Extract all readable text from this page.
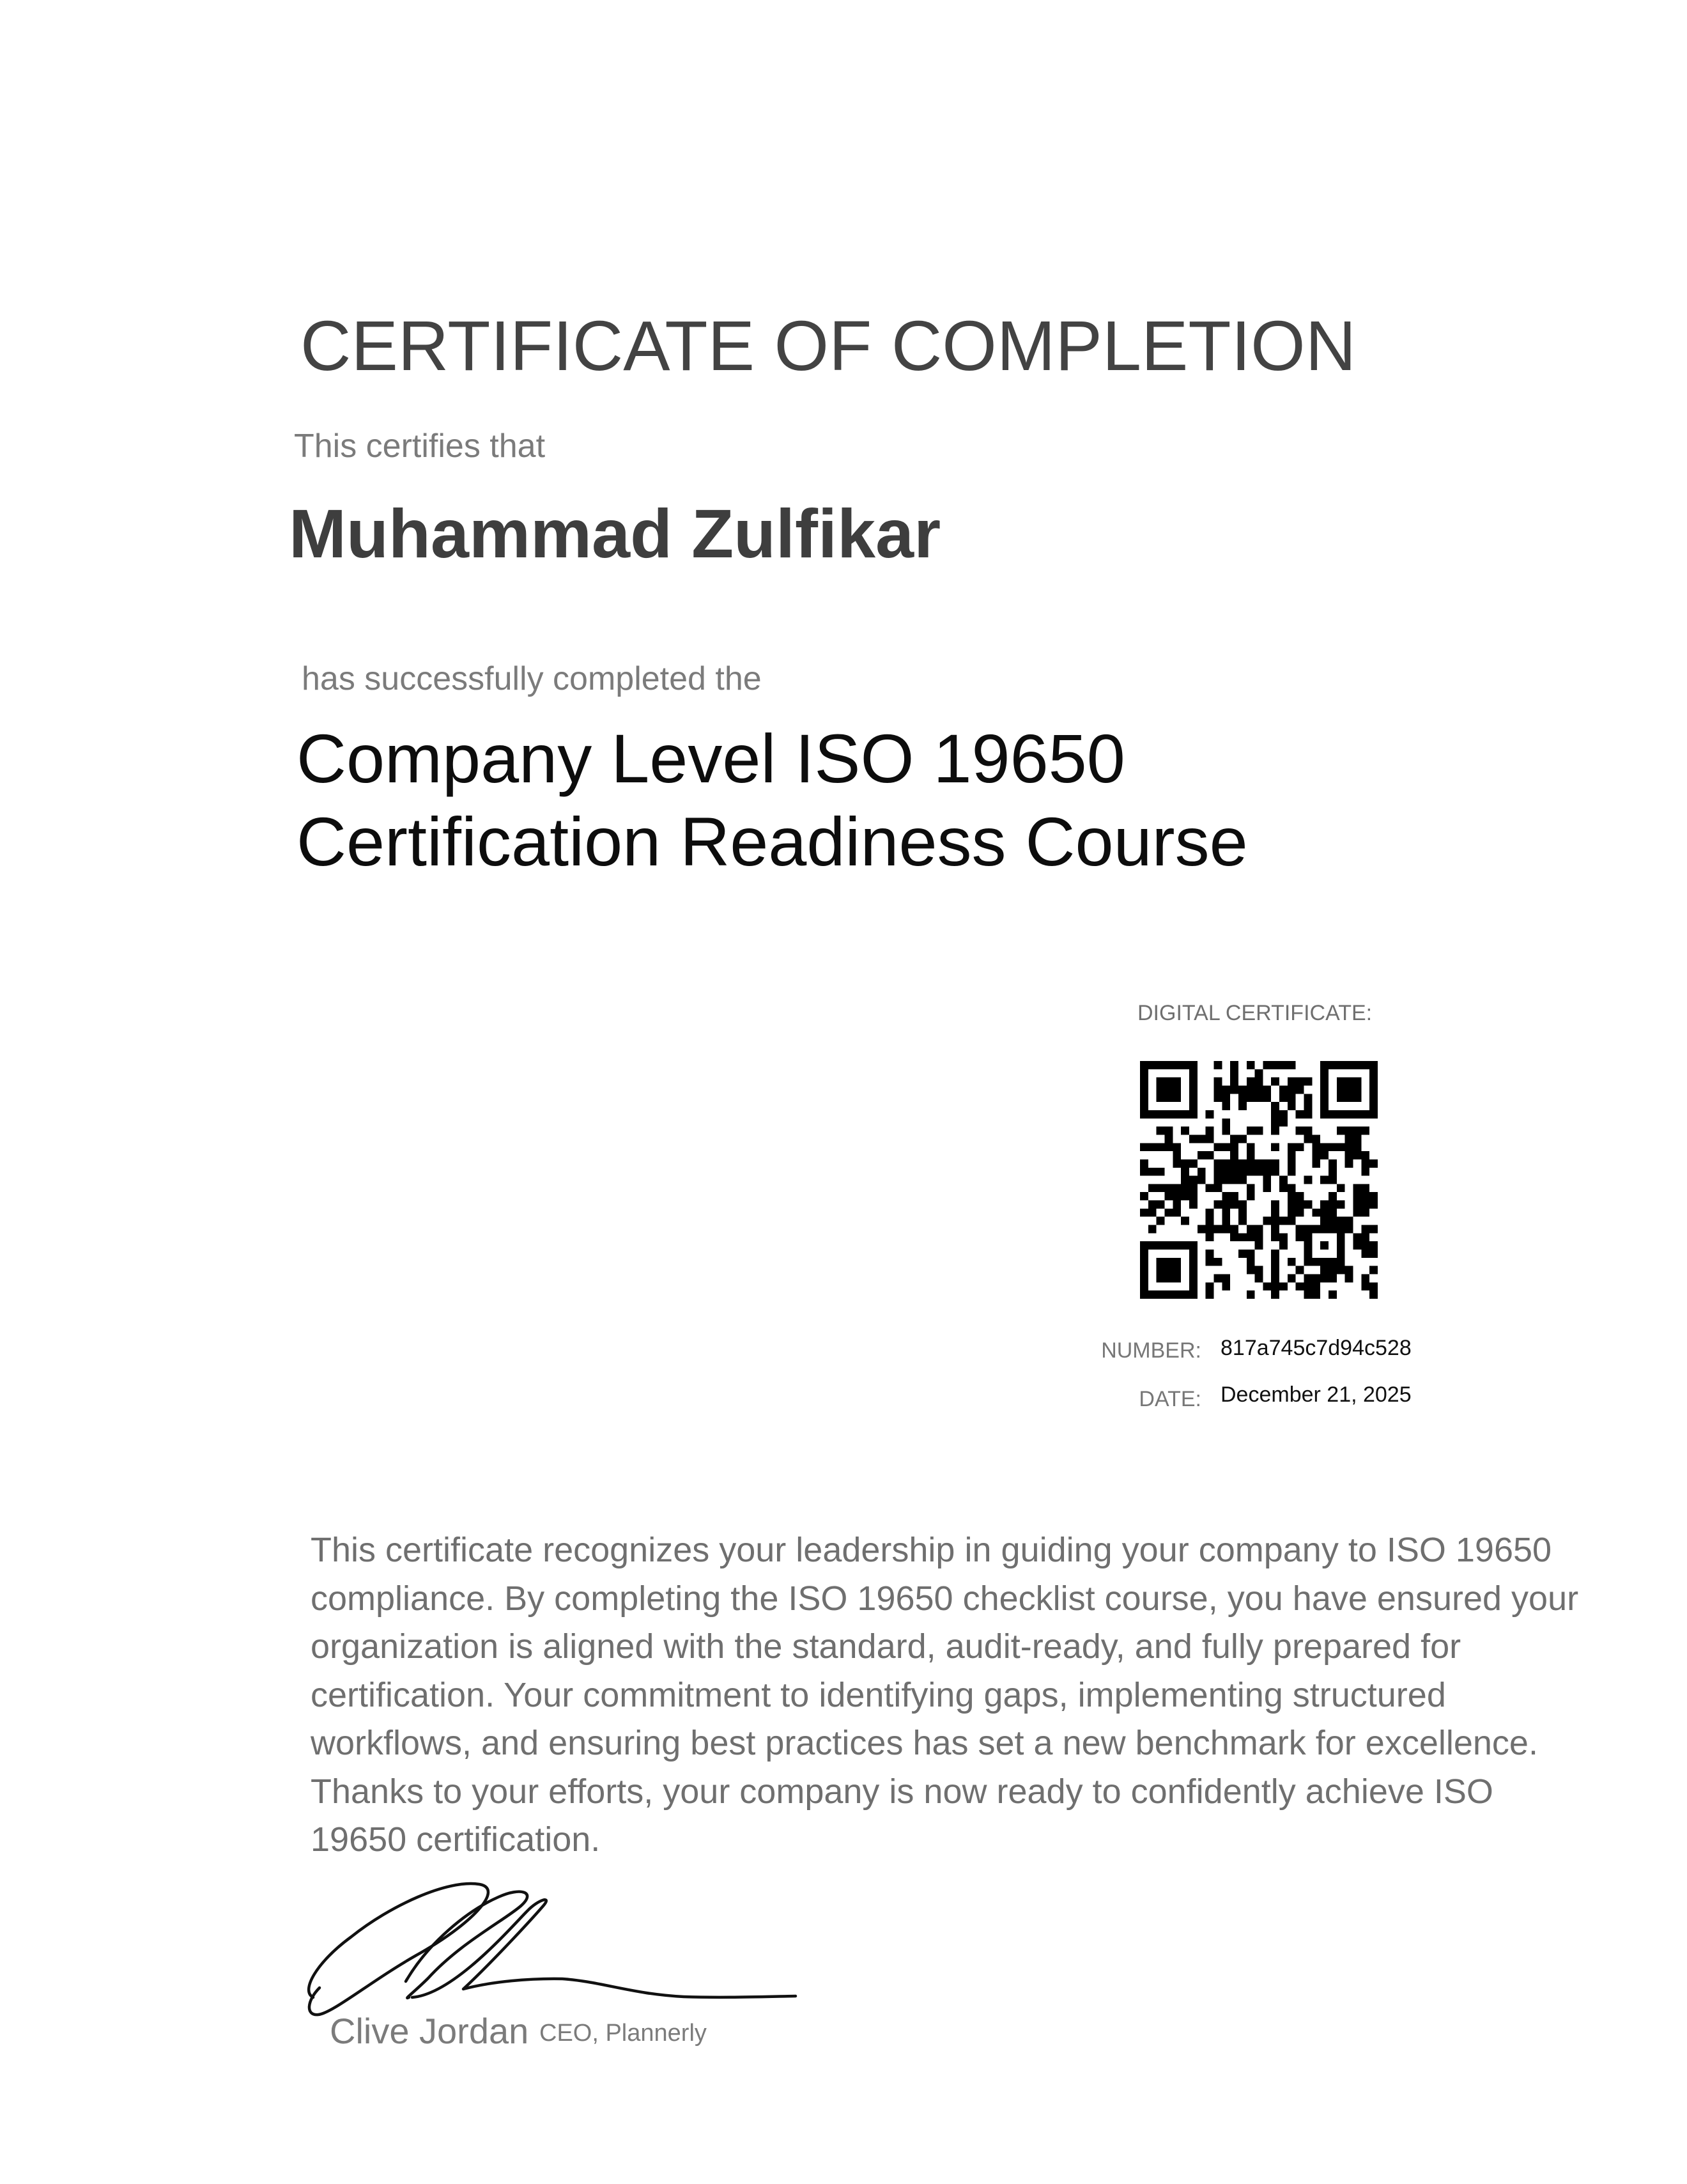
CERTIFICATE OF COMPLETION
This certifies that
Muhammad Zulfikar
has successfully completed the
Company Level ISO 19650 Certification Readiness Course
DIGITAL CERTIFICATE:
NUMBER: 817a745c7d94c528
DATE: December 21, 2025
This certificate recognizes your leadership in guiding your company to ISO 19650 compliance. By completing the ISO 19650 checklist course, you have ensured your organization is aligned with the standard, audit-ready, and fully prepared for certification. Your commitment to identifying gaps, implementing structured workflows, and ensuring best practices has set a new benchmark for excellence. Thanks to your efforts, your company is now ready to confidently achieve ISO 19650 certification.
Clive Jordan CEO, Plannerly
